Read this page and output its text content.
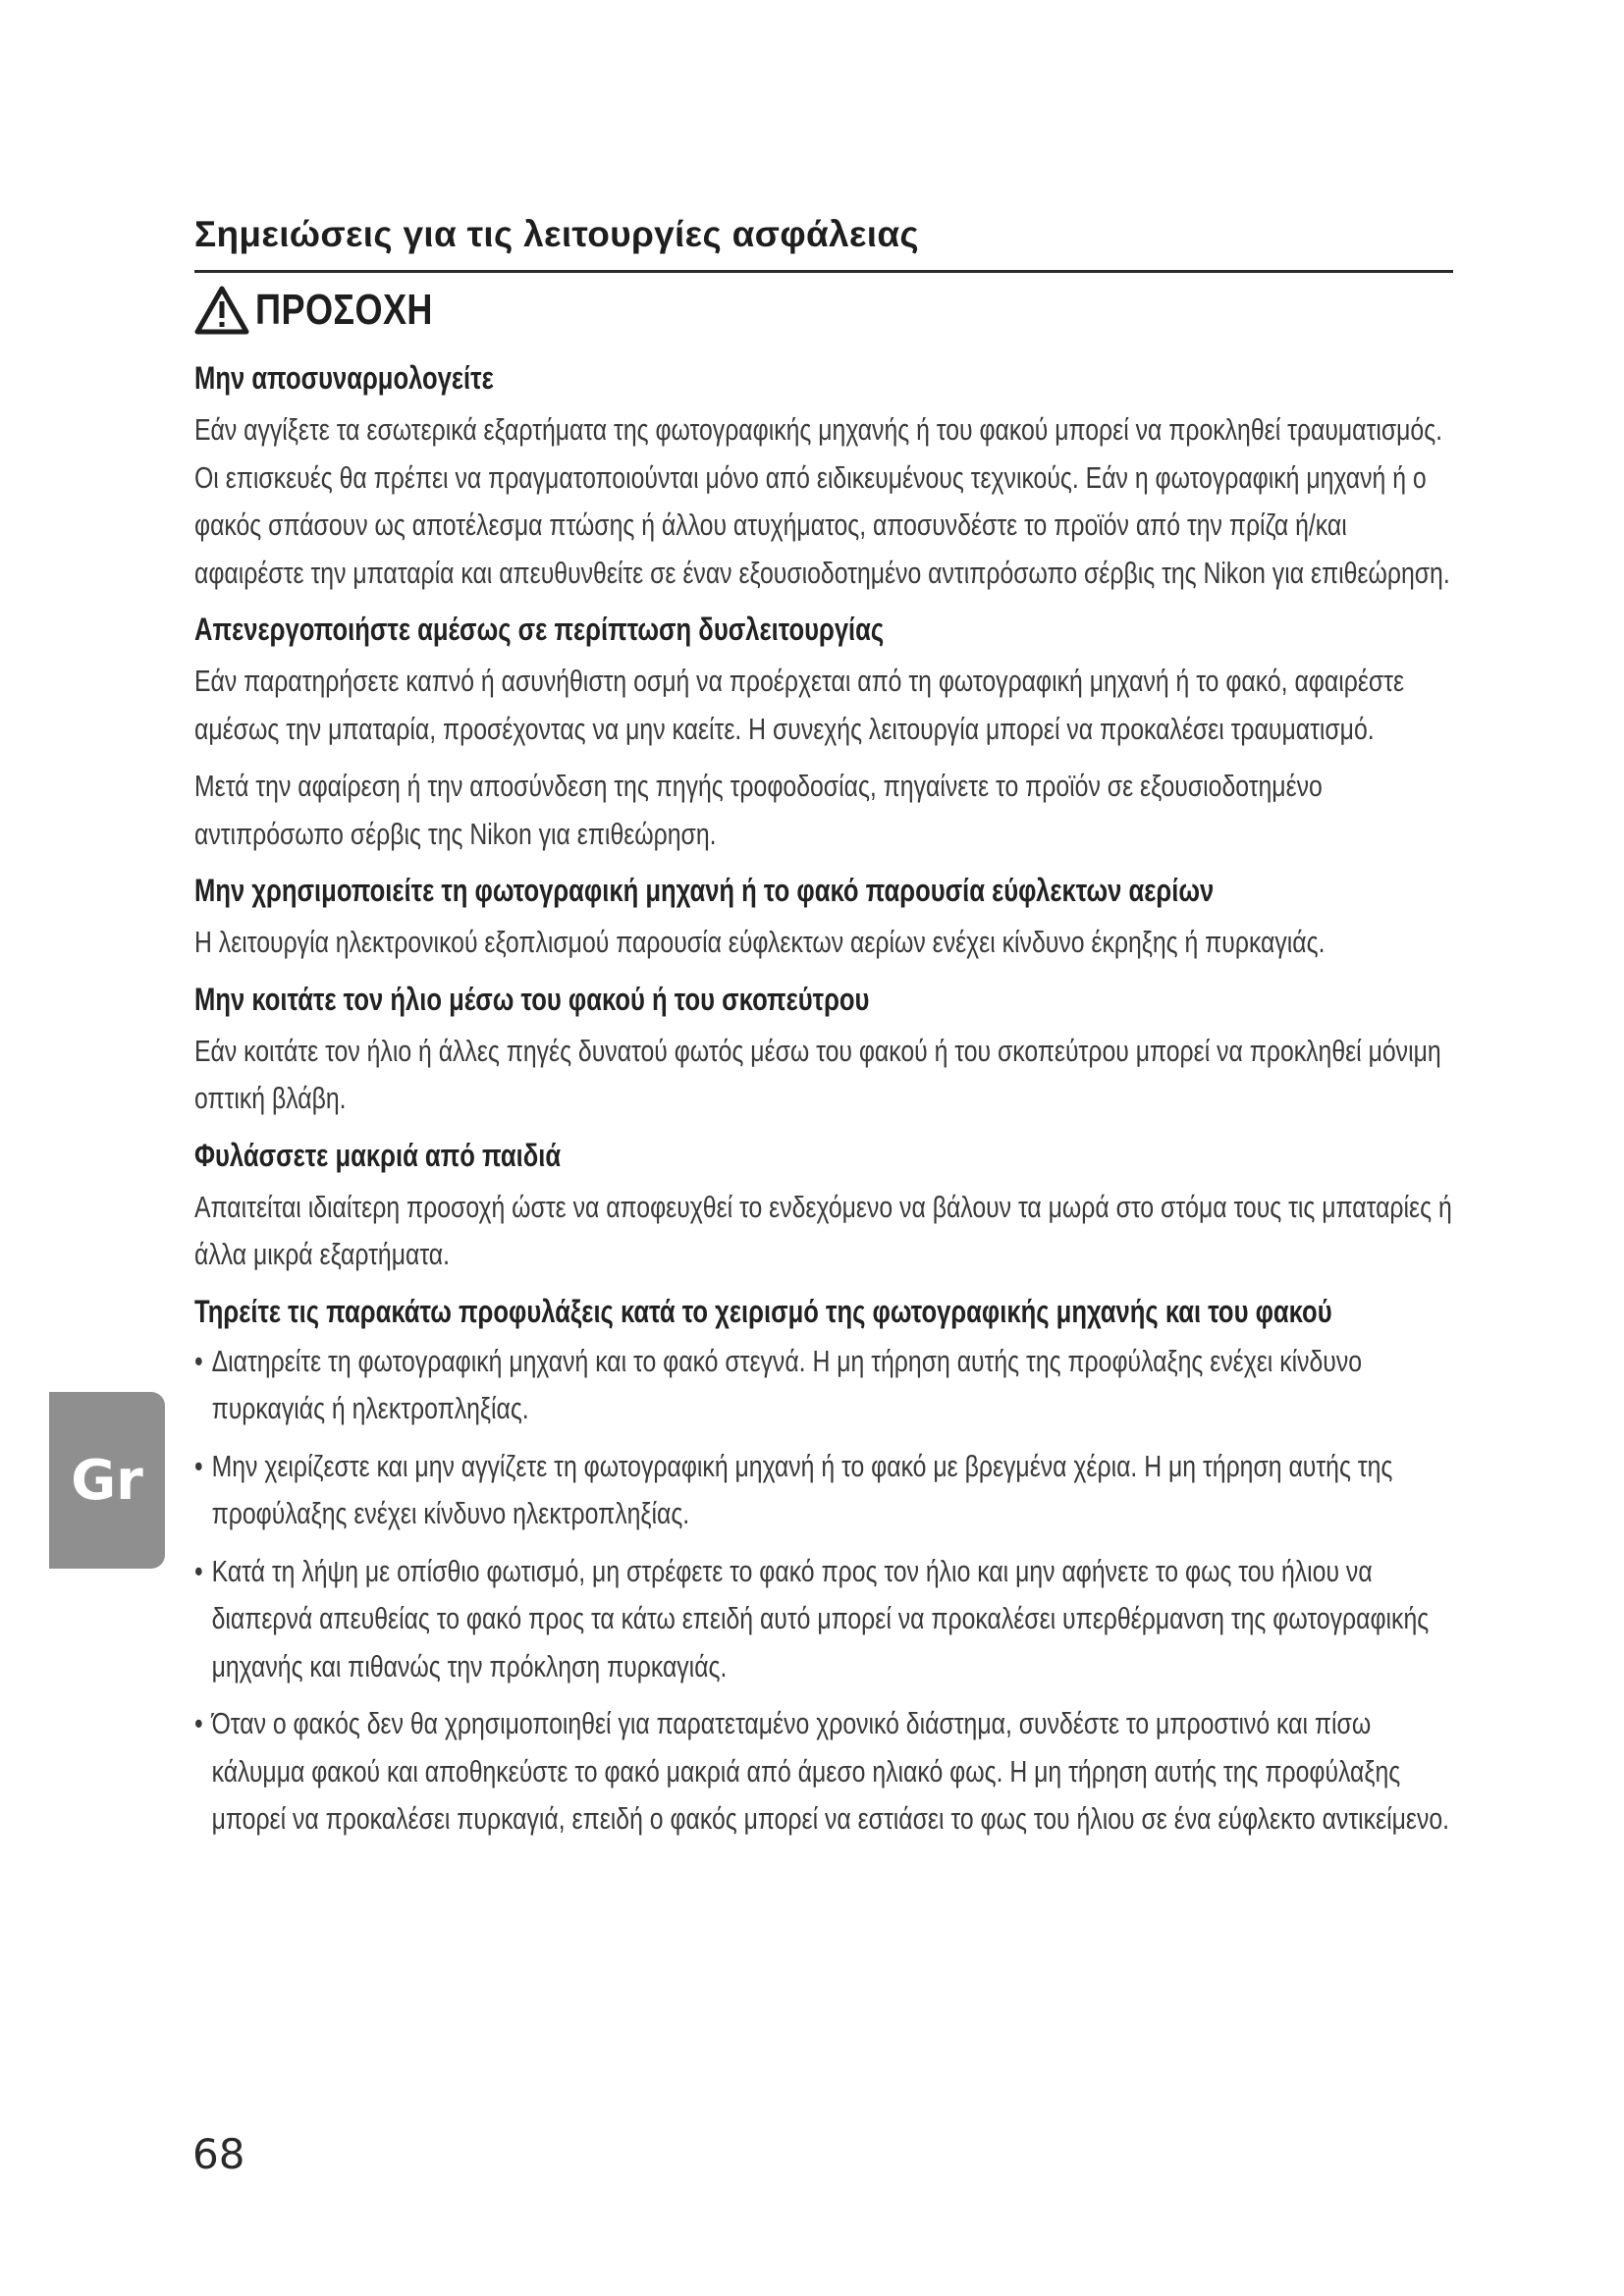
Σημειώσεις για τις λειτουργίες ασφάλειας
ΠΡΟΣΟΧΗ
Μην αποσυναρμολογείτε

Εάν αγγίξετε τα εσωτερικά εξαρτήματα της φωτογραφικής μηχανής ή του φακού μπορεί να προκληθεί τραυματισμός. Οι επισκευές θα πρέπει να πραγματοποιούνται μόνο από ειδικευμένους τεχνικούς. Εάν η φωτογραφική μηχανή ή ο φακός σπάσουν ως αποτέλεσμα πτώσης ή άλλου ατυχήματος, αποσυνδέστε το προϊόν από την πρίζα ή/και αφαιρέστε την μπαταρία και απευθυνθείτε σε έναν εξουσιοδοτημένο αντιπρόσωπο σέρβις της Nikon για επιθεώρηση.

Απενεργοποιήστε αμέσως σε περίπτωση δυσλειτουργίας

Εάν παρατηρήσετε καπνό ή ασυνήθιστη οσμή να προέρχεται από τη φωτογραφική μηχανή ή το φακό, αφαιρέστε αμέσως την μπαταρία, προσέχοντας να μην καείτε. Η συνεχής λειτουργία μπορεί να προκαλέσει τραυματισμό.

Μετά την αφαίρεση ή την αποσύνδεση της πηγής τροφοδοσίας, πηγαίνετε το προϊόν σε εξουσιοδοτημένο αντιπρόσωπο σέρβις της Nikon για επιθεώρηση.

Μην χρησιμοποιείτε τη φωτογραφική μηχανή ή το φακό παρουσία εύφλεκτων αερίων

Η λειτουργία ηλεκτρονικού εξοπλισμού παρουσία εύφλεκτων αερίων ενέχει κίνδυνο έκρηξης ή πυρκαγιάς.

Μην κοιτάτε τον ήλιο μέσω του φακού ή του σκοπεύτρου

Εάν κοιτάτε τον ήλιο ή άλλες πηγές δυνατού φωτός μέσω του φακού ή του σκοπεύτρου μπορεί να προκληθεί μόνιμη οπτική βλάβη.

Φυλάσσετε μακριά από παιδιά

Απαιτείται ιδιαίτερη προσοχή ώστε να αποφευχθεί το ενδεχόμενο να βάλουν τα μωρά στο στόμα τους τις μπαταρίες ή άλλα μικρά εξαρτήματα.

Τηρείτε τις παρακάτω προφυλάξεις κατά το χειρισμό της φωτογραφικής μηχανής και του φακού
• Διατηρείτε τη φωτογραφική μηχανή και το φακό στεγνά. Η μη τήρηση αυτής της προφύλαξης ενέχει κίνδυνο πυρκαγιάς ή ηλεκτροπληξίας.
• Μην χειρίζεστε και μην αγγίζετε τη φωτογραφική μηχανή ή το φακό με βρεγμένα χέρια. Η μη τήρηση αυτής της προφύλαξης ενέχει κίνδυνο ηλεκτροπληξίας.
• Κατά τη λήψη με οπίσθιο φωτισμό, μη στρέφετε το φακό προς τον ήλιο και μην αφήνετε το φως του ήλιου να διαπερνά απευθείας το φακό προς τα κάτω επειδή αυτό μπορεί να προκαλέσει υπερθέρμανση της φωτογραφικής μηχανής και πιθανώς την πρόκληση πυρκαγιάς.
• Όταν ο φακός δεν θα χρησιμοποιηθεί για παρατεταμένο χρονικό διάστημα, συνδέστε το μπροστινό και πίσω κάλυμμα φακού και αποθηκεύστε το φακό μακριά από άμεσο ηλιακό φως. Η μη τήρηση αυτής της προφύλαξης μπορεί να προκαλέσει πυρκαγιά, επειδή ο φακός μπορεί να εστιάσει το φως του ήλιου σε ένα εύφλεκτο αντικείμενο.
Gr
68
